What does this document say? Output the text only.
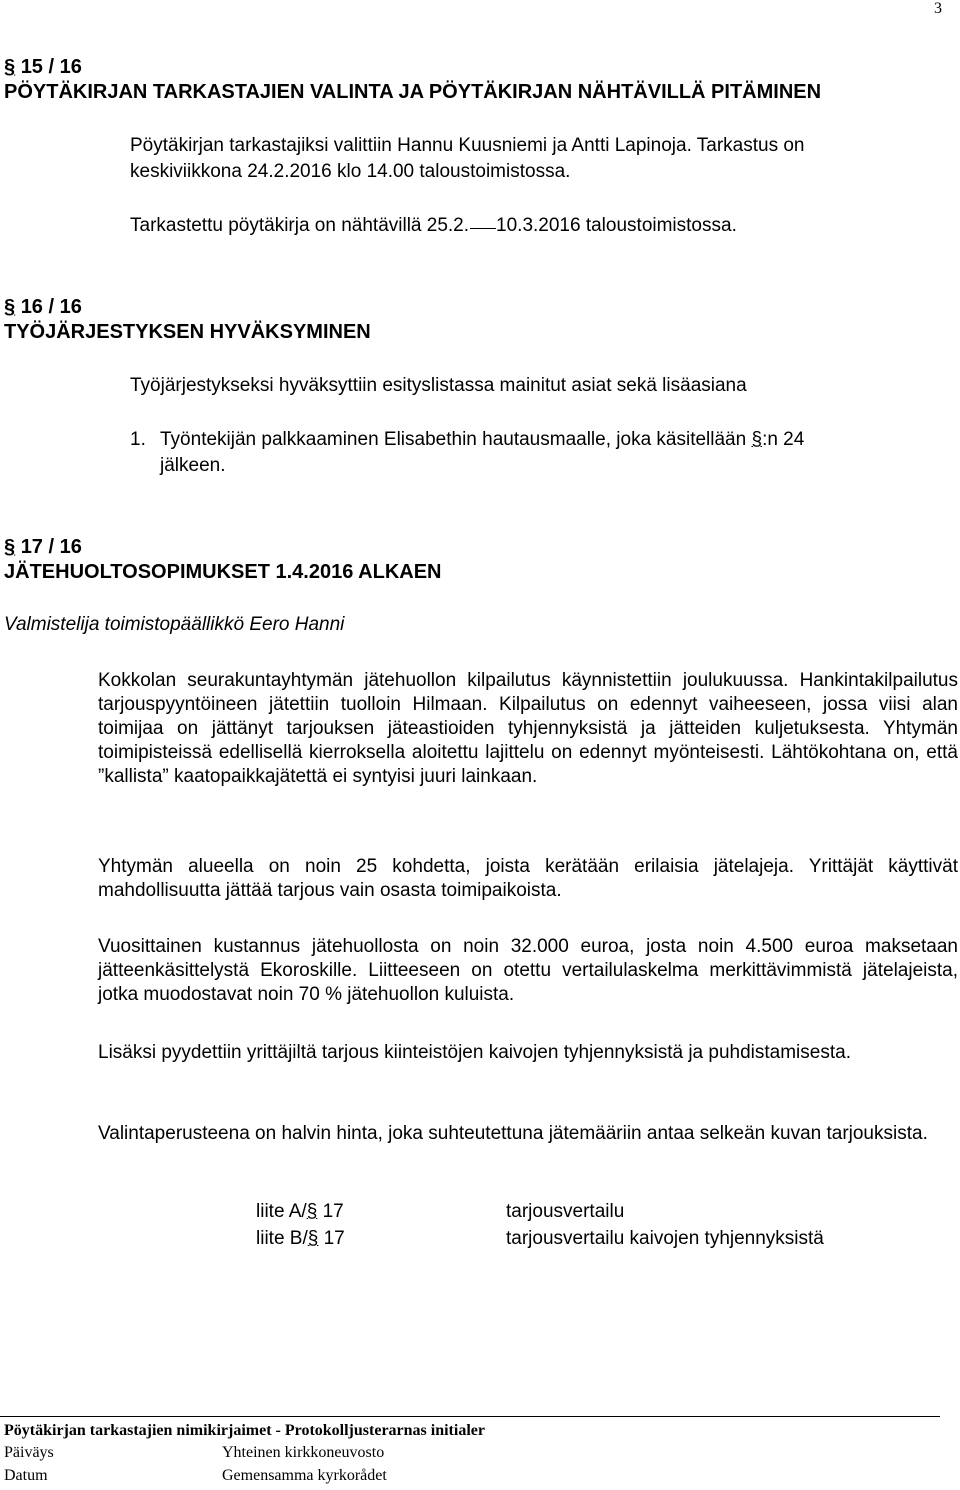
3
§ 15 / 16
PÖYTÄKIRJAN TARKASTAJIEN VALINTA JA PÖYTÄKIRJAN NÄHTÄVILLÄ PITÄMINEN
Pöytäkirjan tarkastajiksi valittiin Hannu Kuusniemi ja Antti Lapinoja. Tarkastus on
keskiviikkona 24.2.2016 klo 14.00 taloustoimistossa.
Tarkastettu pöytäkirja on nähtävillä 25.2. 10.3.2016 taloustoimistossa.
§ 16 / 16
TYÖJÄRJESTYKSEN HYVÄKSYMINEN
Työjärjestykseksi hyväksyttiin esityslistassa mainitut asiat sekä lisäasiana
1. Työntekijän palkkaaminen Elisabethin hautausmaalle, joka käsitellään §:n 24
jälkeen.
§ 17 / 16
JÄTEHUOLTOSOPIMUKSET 1.4.2016 ALKAEN
Valmistelija toimistopäällikkö Eero Hanni
Kokkolan seurakuntayhtymän jätehuollon kilpailutus käynnistettiin joulukuussa. Hankintakilpailutus tarjouspyyntöineen jätettiin tuolloin Hilmaan. Kilpailutus on edennyt vaiheeseen, jossa viisi alan toimijaa on jättänyt tarjouksen jäteastioiden tyhjennyksistä ja jätteiden kuljetuksesta. Yhtymän toimipisteissä edellisellä kierroksella aloitettu lajittelu on edennyt myönteisesti. Lähtökohtana on, että ”kallista” kaatopaikkajätettä ei syntyisi juuri lainkaan.
Yhtymän alueella on noin 25 kohdetta, joista kerätään erilaisia jätelajeja. Yrittäjät käyttivät mahdollisuutta jättää tarjous vain osasta toimipaikoista.
Vuosittainen kustannus jätehuollosta on noin 32.000 euroa, josta noin 4.500 euroa maksetaan jätteenkäsittelystä Ekoroskille. Liitteeseen on otettu vertailulaskelma merkittävimmistä jätelajeista, jotka muodostavat noin 70 % jätehuollon kuluista.
Lisäksi pyydettiin yrittäjiltä tarjous kiinteistöjen kaivojen tyhjennyksistä ja puhdistamisesta.
Valintaperusteena on halvin hinta, joka suhteutettuna jätemääriin antaa selkeän kuvan tarjouksista.
liite A/§ 17	tarjousvertailu
liite B/§ 17	tarjousvertailu kaivojen tyhjennyksistä
Pöytäkirjan tarkastajien nimikirjaimet - Protokolljusterarnas initialer
Päiväys	Yhteinen kirkkoneuvosto
Datum	Gemensamma kyrkorådet
